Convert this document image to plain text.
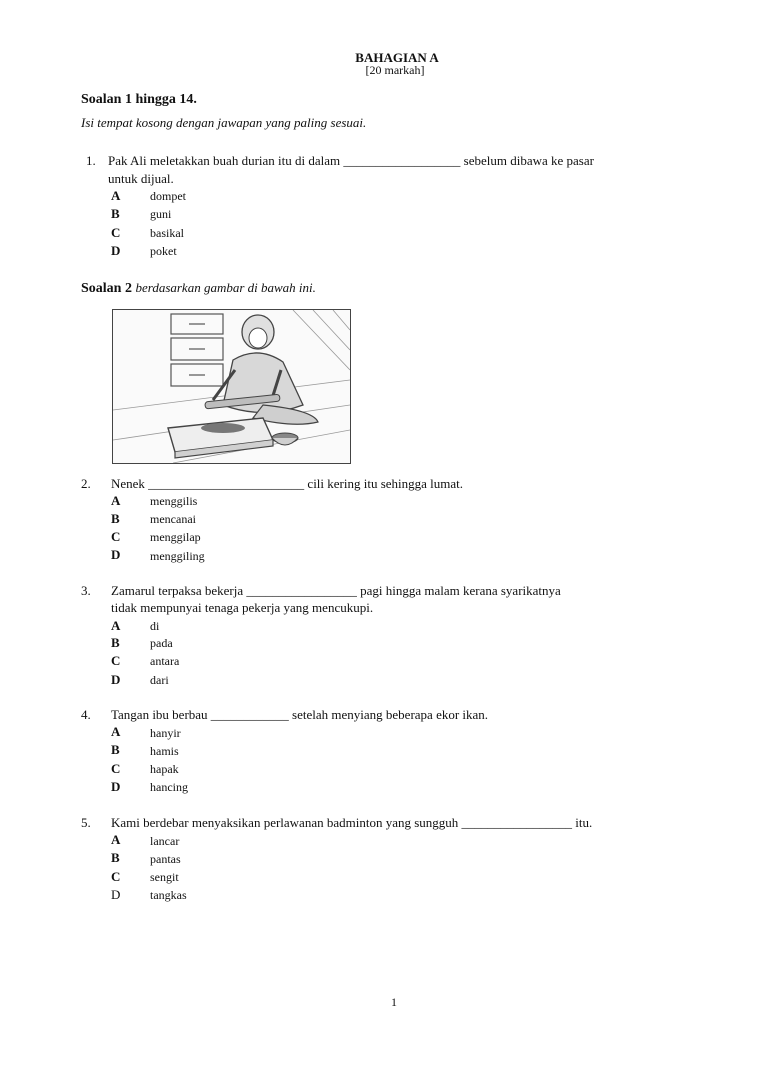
BAHAGIAN A
[20 markah]
Soalan 1 hingga 14.
Isi tempat kosong dengan jawapan yang paling sesuai.
1. Pak Ali meletakkan buah durian itu di dalam __________________ sebelum dibawa ke pasar
untuk dijual.
A dompet
B	guni
C basikal
D poket
Soalan 2 berdasarkan gambar di bawah ini.
2. Nenek ________________________ cili kering itu sehingga lumat.
A menggilis
B	mencanai
C menggilap
D menggiling
3. Zamarul terpaksa bekerja _________________ pagi hingga malam kerana syarikatnya
tidak mempunyai tenaga pekerja yang mencukupi.
A di
B	pada
C antara
D dari
4. Tangan ibu berbau ____________ setelah menyiang beberapa ekor ikan.
A hanyir
B	hamis
C hapak
D hancing
5. Kami berdebar menyaksikan perlawanan badminton yang sungguh _________________ itu.
A lancar
B	pantas
C sengit
D tangkas
1
